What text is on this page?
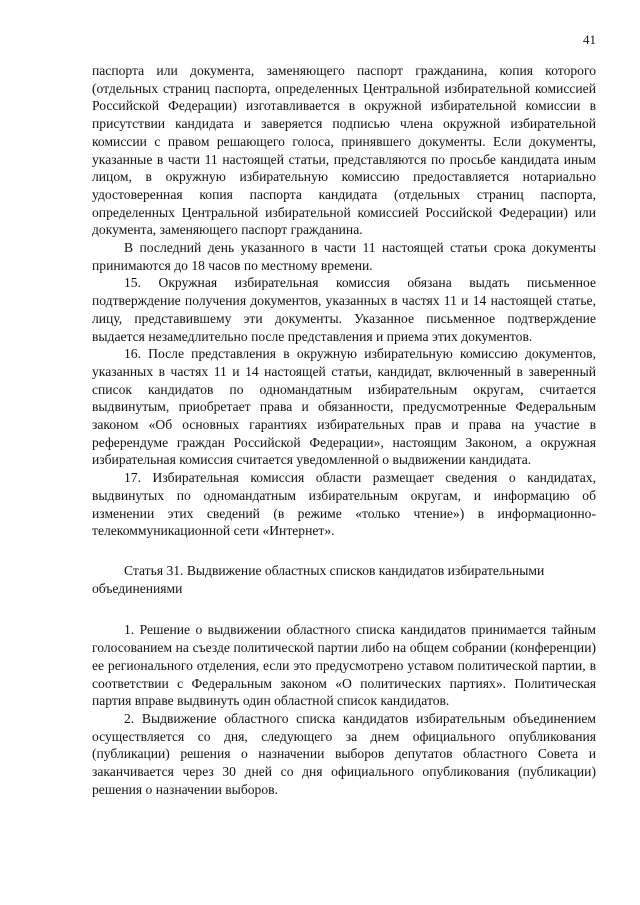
41

паспорта или документа, заменяющего паспорт гражданина, копия которого (отдельных страниц паспорта, определенных Центральной избирательной комиссией Российской Федерации) изготавливается в окружной избирательной комиссии в присутствии кандидата и заверяется подписью члена окружной избирательной комиссии с правом решающего голоса, принявшего документы. Если документы, указанные в части 11 настоящей статьи, представляются по просьбе кандидата иным лицом, в окружную избирательную комиссию предоставляется нотариально удостоверенная копия паспорта кандидата (отдельных страниц паспорта, определенных Центральной избирательной комиссией Российской Федерации) или документа, заменяющего паспорт гражданина.

В последний день указанного в части 11 настоящей статьи срока документы принимаются до 18 часов по местному времени.

15. Окружная избирательная комиссия обязана выдать письменное подтверждение получения документов, указанных в частях 11 и 14 настоящей статье, лицу, представившему эти документы. Указанное письменное подтверждение выдается незамедлительно после представления и приема этих документов.

16. После представления в окружную избирательную комиссию документов, указанных в частях 11 и 14 настоящей статьи, кандидат, включенный в заверенный список кандидатов по одномандатным избирательным округам, считается выдвинутым, приобретает права и обязанности, предусмотренные Федеральным законом «Об основных гарантиях избирательных прав и права на участие в референдуме граждан Российской Федерации», настоящим Законом, а окружная избирательная комиссия считается уведомленной о выдвижении кандидата.

17. Избирательная комиссия области размещает сведения о кандидатах, выдвинутых по одномандатным избирательным округам, и информацию об изменении этих сведений (в режиме «только чтение») в информационно-телекоммуникационной сети «Интернет».

Статья 31. Выдвижение областных списков кандидатов избирательными объединениями

1. Решение о выдвижении областного списка кандидатов принимается тайным голосованием на съезде политической партии либо на общем собрании (конференции) ее регионального отделения, если это предусмотрено уставом политической партии, в соответствии с Федеральным законом «О политических партиях». Политическая партия вправе выдвинуть один областной список кандидатов.

2. Выдвижение областного списка кандидатов избирательным объединением осуществляется со дня, следующего за днем официального опубликования (публикации) решения о назначении выборов депутатов областного Совета и заканчивается через 30 дней со дня официального опубликования (публикации) решения о назначении выборов.
